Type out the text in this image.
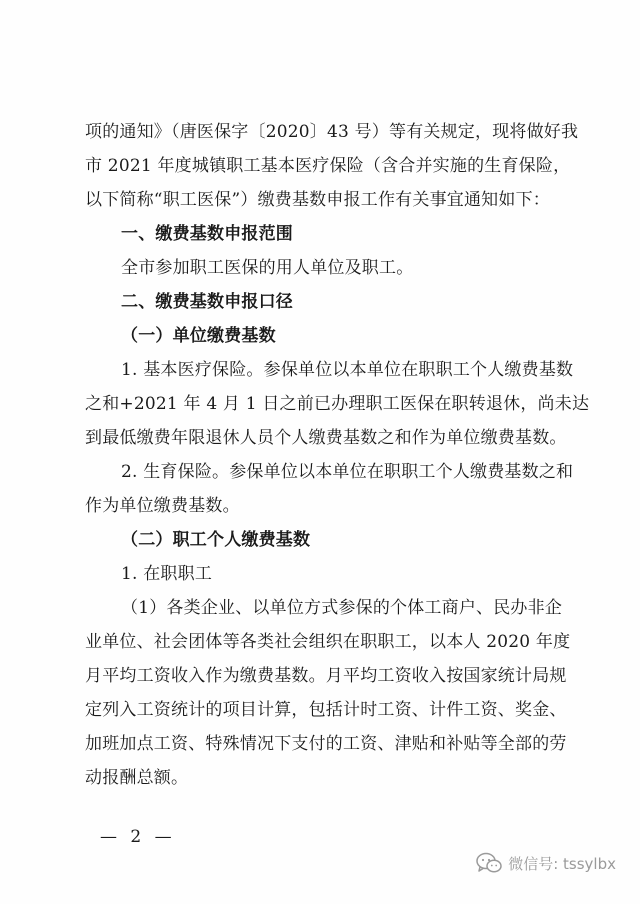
项的通知》（唐医保字〔2020〕43 号）等有关规定，现将做好我
市 2021 年度城镇职工基本医疗保险（含合并实施的生育保险，
以下简称“职工医保”）缴费基数申报工作有关事宜通知如下：
一、缴费基数申报范围
全市参加职工医保的用人单位及职工。
二、缴费基数申报口径
（一）单位缴费基数
1. 基本医疗保险。参保单位以本单位在职职工个人缴费基数
之和+2021 年 4 月 1 日之前已办理职工医保在职转退休，尚未达
到最低缴费年限退休人员个人缴费基数之和作为单位缴费基数。
2. 生育保险。参保单位以本单位在职职工个人缴费基数之和
作为单位缴费基数。
（二）职工个人缴费基数
1. 在职职工
（1）各类企业、以单位方式参保的个体工商户、民办非企
业单位、社会团体等各类社会组织在职职工，以本人 2020 年度
月平均工资收入作为缴费基数。月平均工资收入按国家统计局规
定列入工资统计的项目计算，包括计时工资、计件工资、奖金、
加班加点工资、特殊情况下支付的工资、津贴和补贴等全部的劳
动报酬总额。
— 2 —
微信号: tssylbx
